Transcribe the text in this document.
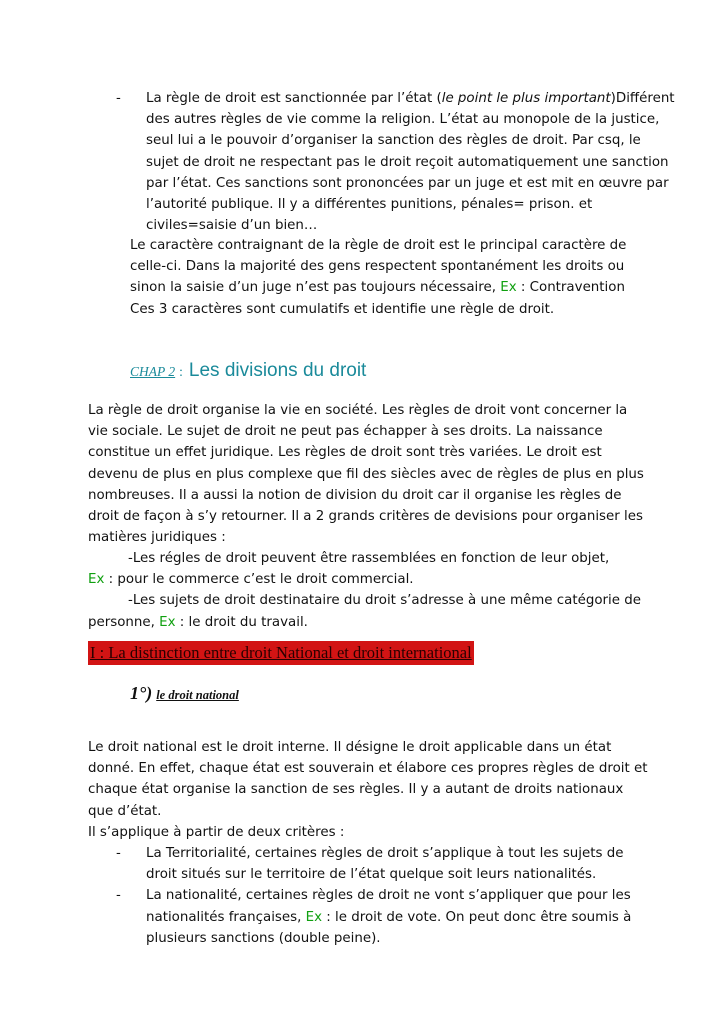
- La règle de droit est sanctionnée par l’état (le point le plus important)Différent des autres règles de vie comme la religion. L’état au monopole de la justice, seul lui a le pouvoir d’organiser la sanction des règles de droit. Par csq, le sujet de droit ne respectant pas le droit reçoit automatiquement une sanction par l’état. Ces sanctions sont prononcées par un juge et est mit en œuvre par l’autorité publique. Il y a différentes punitions, pénales= prison. et civiles=saisie d’un bien…
Le caractère contraignant de la règle de droit est le principal caractère de celle-ci. Dans la majorité des gens respectent spontanément les droits ou sinon la saisie d’un juge n’est pas toujours nécessaire, Ex : Contravention
Ces 3 caractères sont cumulatifs et identifie une règle de droit.
CHAP 2 : Les divisions du droit

La règle de droit organise la vie en société. Les règles de droit vont concerner la vie sociale. Le sujet de droit ne peut pas échapper à ses droits. La naissance constitue un effet juridique. Les règles de droit sont très variées. Le droit est devenu de plus en plus complexe que fil des siècles avec de règles de plus en plus nombreuses. Il a aussi la notion de division du droit car il organise les règles de droit de façon à s’y retourner. Il a 2 grands critères de devisions pour organiser les matières juridiques :

-Les régles de droit peuvent être rassemblées en fonction de leur objet,

Ex : pour le commerce c’est le droit commercial.

-Les sujets de droit destinataire du droit s’adresse à une même catégorie de personne, Ex : le droit du travail.

I : La distinction entre droit National et droit international
1°) le droit national

Le droit national est le droit interne. Il désigne le droit applicable dans un état donné. En effet, chaque état est souverain et élabore ces propres règles de droit et chaque état organise la sanction de ses règles. Il y a autant de droits nationaux que d’état.

Il s’applique à partir de deux critères :

- La Territorialité, certaines règles de droit s’applique à tout les sujets de droit situés sur le territoire de l’état quelque soit leurs nationalités.
- La nationalité, certaines règles de droit ne vont s’appliquer que pour les nationalités françaises, Ex : le droit de vote. On peut donc être soumis à plusieurs sanctions (double peine).
